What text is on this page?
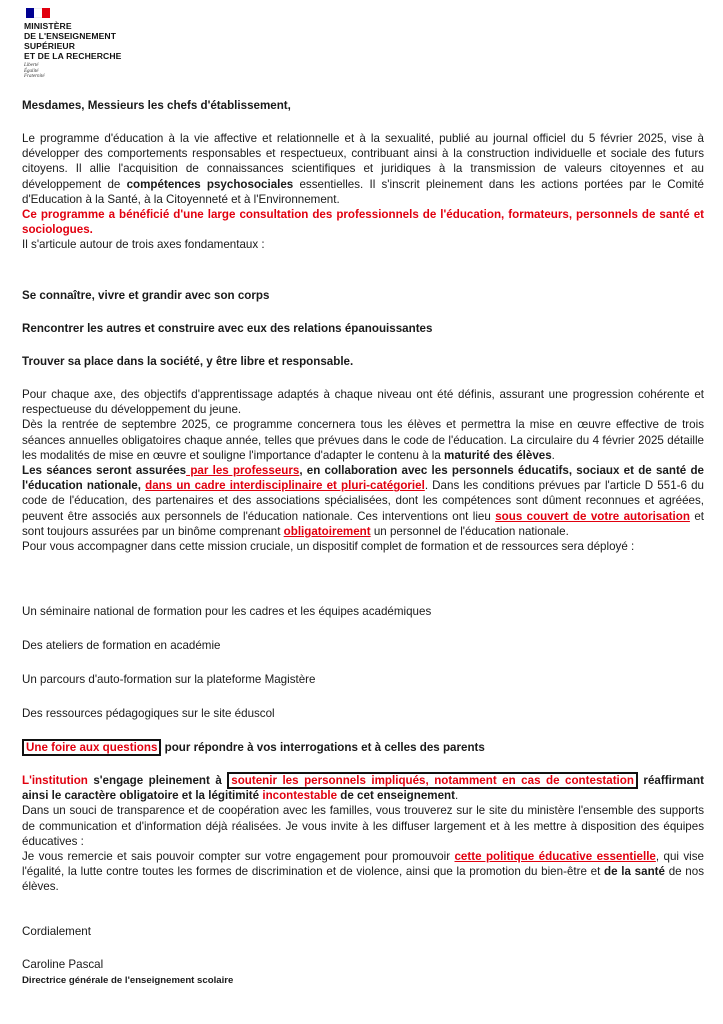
MINISTÈRE
DE L'ENSEIGNEMENT
SUPÉRIEUR
ET DE LA RECHERCHE
Liberté
Égalité
Fraternité

Mesdames, Messieurs les chefs d'établissement,

Le programme d'éducation à la vie affective et relationnelle et à la sexualité, publié au journal officiel du 5 février 2025, vise à développer des comportements responsables et respectueux, contribuant ainsi à la construction individuelle et sociale des futurs citoyens. Il allie l'acquisition de connaissances scientifiques et juridiques à la transmission de valeurs citoyennes et au développement de compétences psychosociales essentielles. Il s'inscrit pleinement dans les actions portées par le Comité d'Education à la Santé, à la Citoyenneté et à l'Environnement.
Ce programme a bénéficié d'une large consultation des professionnels de l'éducation, formateurs, personnels de santé et sociologues.
Il s'articule autour de trois axes fondamentaux :

Se connaître, vivre et grandir avec son corps

Rencontrer les autres et construire avec eux des relations épanouissantes

Trouver sa place dans la société, y être libre et responsable.

Pour chaque axe, des objectifs d'apprentissage adaptés à chaque niveau ont été définis, assurant une progression cohérente et respectueuse du développement du jeune.
Dès la rentrée de septembre 2025, ce programme concernera tous les élèves et permettra la mise en œuvre effective de trois séances annuelles obligatoires chaque année, telles que prévues dans le code de l'éducation. La circulaire du 4 février 2025 détaille les modalités de mise en œuvre et souligne l'importance d'adapter le contenu à la maturité des élèves.
Les séances seront assurées par les professeurs, en collaboration avec les personnels éducatifs, sociaux et de santé de l'éducation nationale, dans un cadre interdisciplinaire et pluri-catégoriel. Dans les conditions prévues par l'article D 551-6 du code de l'éducation, des partenaires et des associations spécialisées, dont les compétences sont dûment reconnues et agréées, peuvent être associés aux personnels de l'éducation nationale. Ces interventions ont lieu sous couvert de votre autorisation et sont toujours assurées par un binôme comprenant obligatoirement un personnel de l'éducation nationale.
Pour vous accompagner dans cette mission cruciale, un dispositif complet de formation et de ressources sera déployé :

Un séminaire national de formation pour les cadres et les équipes académiques

Des ateliers de formation en académie

Un parcours d'auto-formation sur la plateforme Magistère

Des ressources pédagogiques sur le site éduscol

Une foire aux questions pour répondre à vos interrogations et à celles des parents

L'institution s'engage pleinement à soutenir les personnels impliqués, notamment en cas de contestation réaffirmant ainsi le caractère obligatoire et la légitimité incontestable de cet enseignement.
Dans un souci de transparence et de coopération avec les familles, vous trouverez sur le site du ministère l'ensemble des supports de communication et d'information déjà réalisées. Je vous invite à les diffuser largement et à les mettre à disposition des équipes éducatives :
Je vous remercie et sais pouvoir compter sur votre engagement pour promouvoir cette politique éducative essentielle, qui vise l'égalité, la lutte contre toutes les formes de discrimination et de violence, ainsi que la promotion du bien-être et de la santé de nos élèves.

Cordialement

Caroline Pascal

Directrice générale de l'enseignement scolaire
